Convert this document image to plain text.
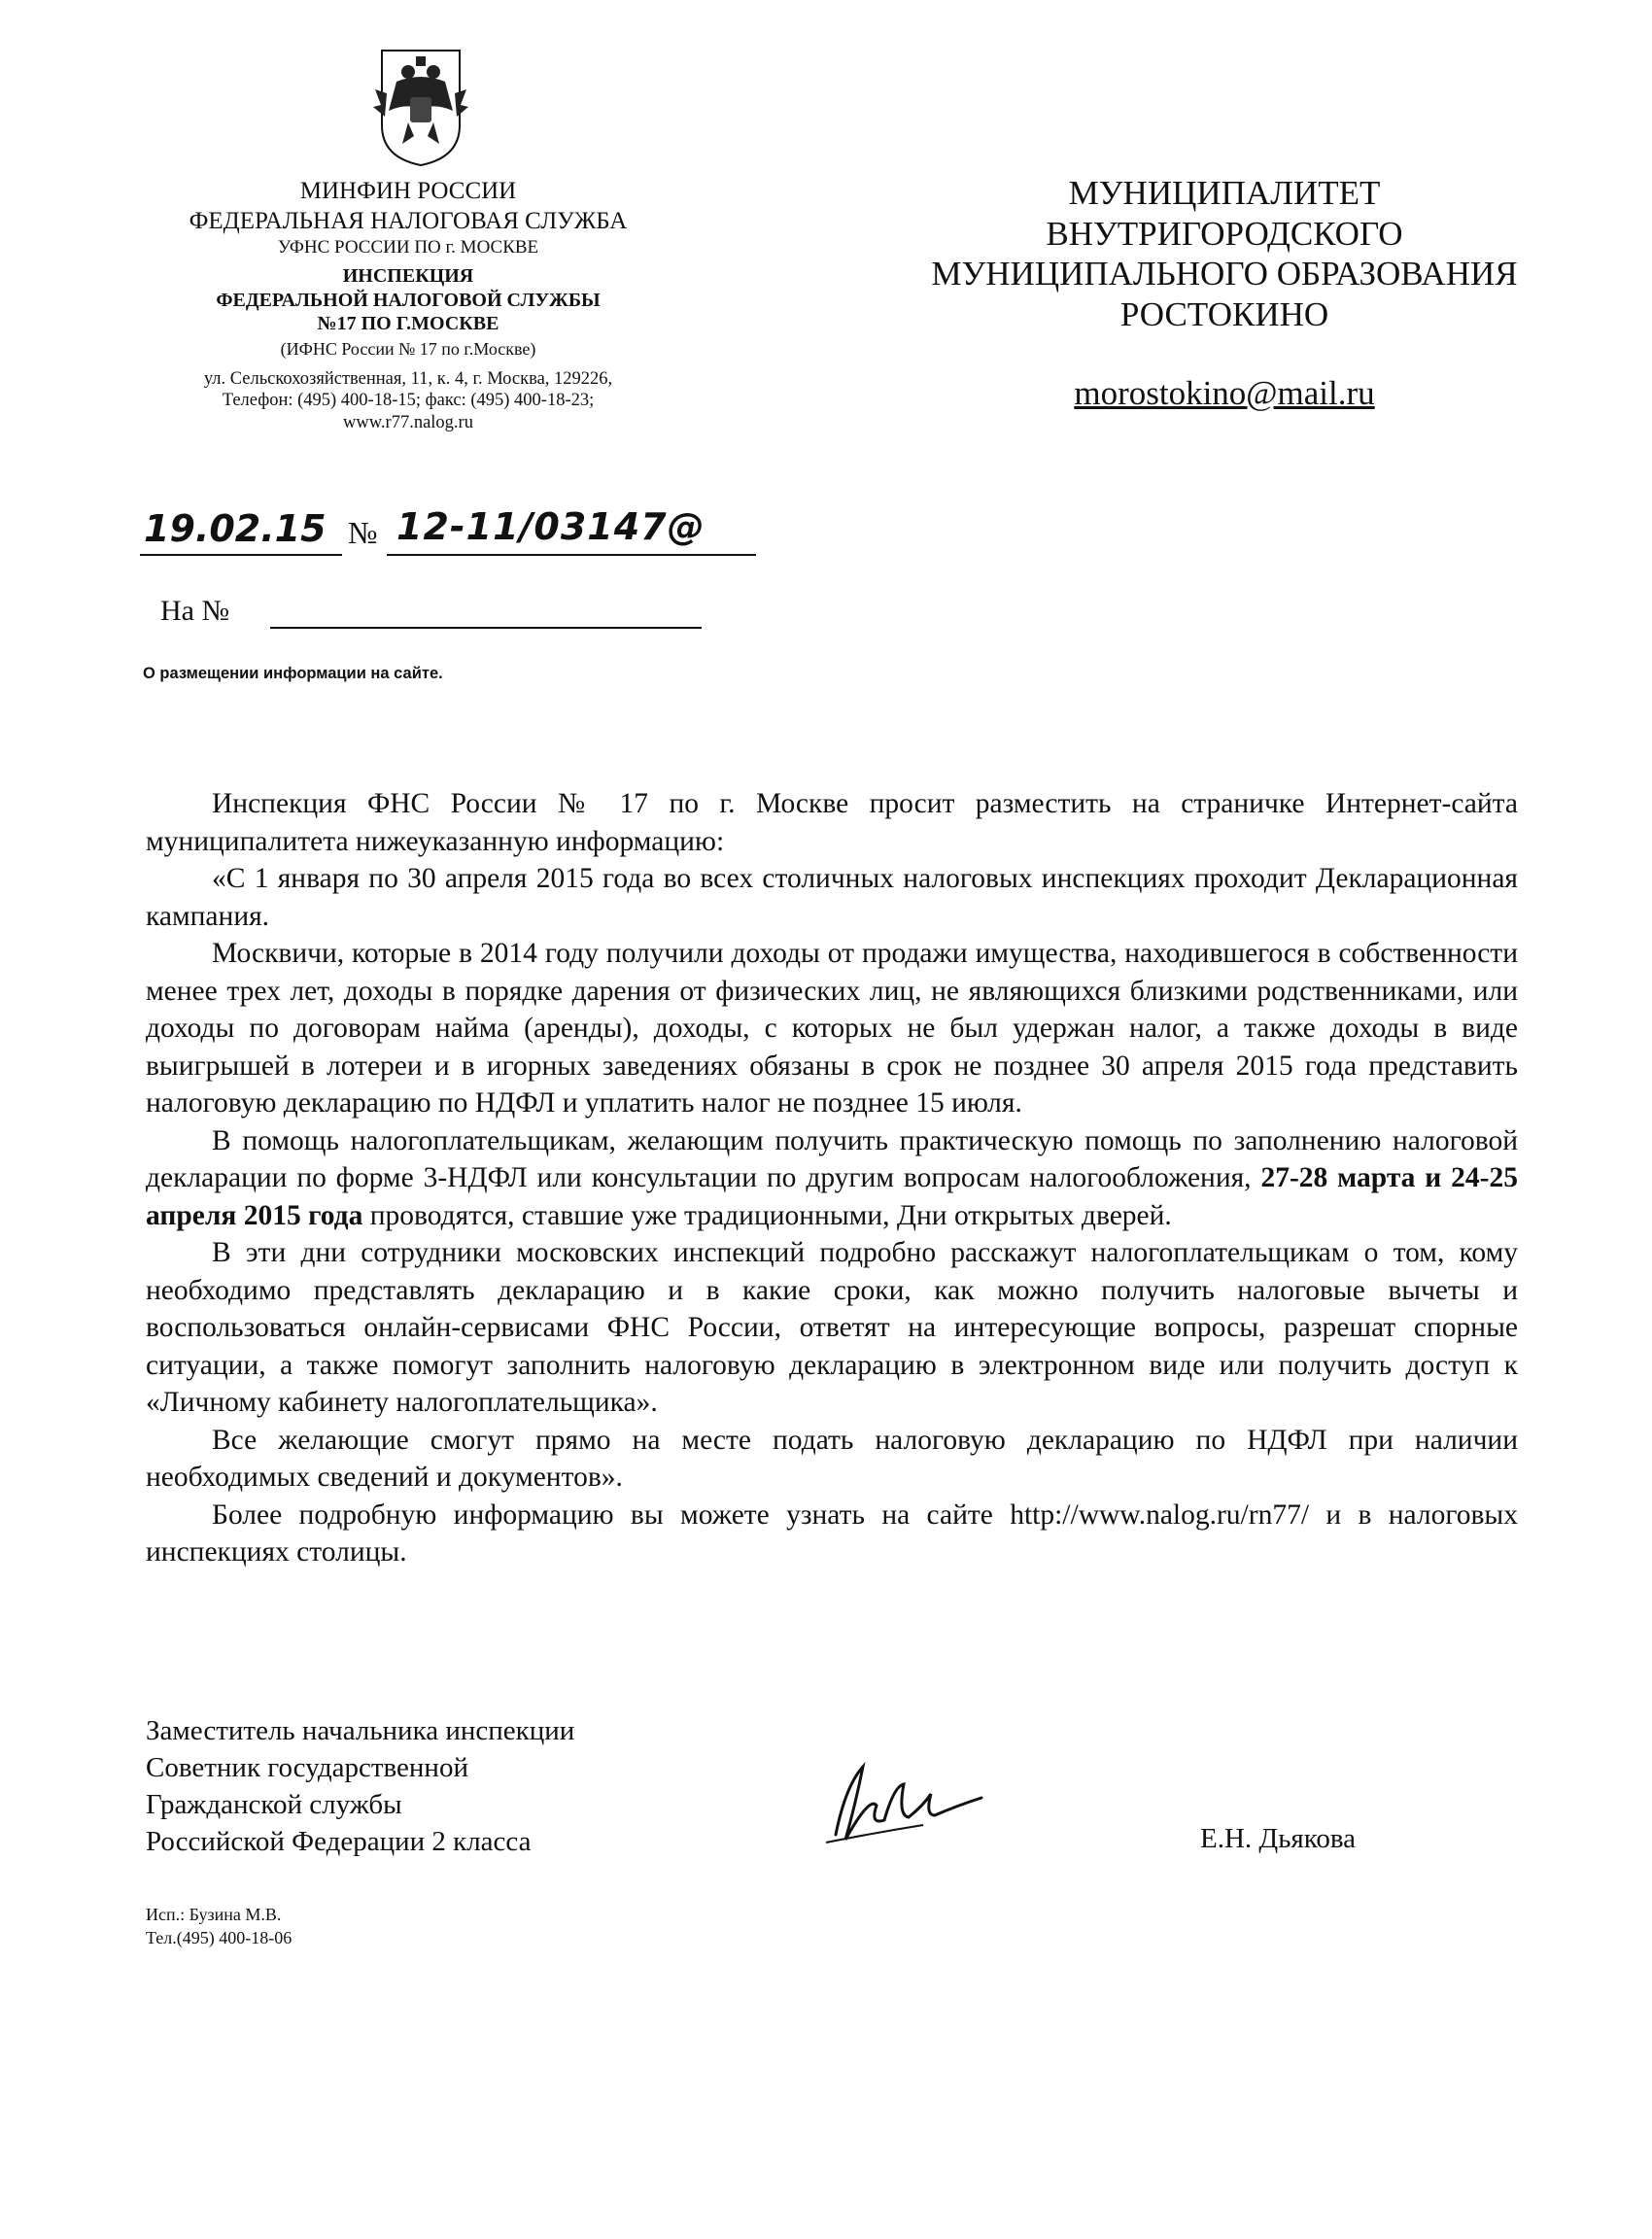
МИНФИН РОССИИ
ФЕДЕРАЛЬНАЯ НАЛОГОВАЯ СЛУЖБА
УФНС РОССИИ ПО г. МОСКВЕ
ИНСПЕКЦИЯ
ФЕДЕРАЛЬНОЙ НАЛОГОВОЙ СЛУЖБЫ
№17 ПО Г.МОСКВЕ
(ИФНС России № 17 по г.Москве)
ул. Сельскохозяйственная, 11, к. 4, г. Москва, 129226,
Телефон: (495) 400-18-15; факс: (495) 400-18-23;
www.r77.nalog.ru
МУНИЦИПАЛИТЕТ
ВНУТРИГОРОДСКОГО
МУНИЦИПАЛЬНОГО ОБРАЗОВАНИЯ
РОСТОКИНО
morostokino@mail.ru
19.02.15 № 12-11/03147@
На №
О размещении информации на сайте.

Инспекция ФНС России № 17 по г. Москве просит разместить на страничке Интернет-сайта муниципалитета нижеуказанную информацию:

«С 1 января по 30 апреля 2015 года во всех столичных налоговых инспекциях проходит Декларационная кампания.

Москвичи, которые в 2014 году получили доходы от продажи имущества, находившегося в собственности менее трех лет, доходы в порядке дарения от физических лиц, не являющихся близкими родственниками, или доходы по договорам найма (аренды), доходы, с которых не был удержан налог, а также доходы в виде выигрышей в лотереи и в игорных заведениях обязаны в срок не позднее 30 апреля 2015 года представить налоговую декларацию по НДФЛ и уплатить налог не позднее 15 июля.

В помощь налогоплательщикам, желающим получить практическую помощь по заполнению налоговой декларации по форме 3-НДФЛ или консультации по другим вопросам налогообложения, 27-28 марта и 24-25 апреля 2015 года проводятся, ставшие уже традиционными, Дни открытых дверей.

В эти дни сотрудники московских инспекций подробно расскажут налогоплательщикам о том, кому необходимо представлять декларацию и в какие сроки, как можно получить налоговые вычеты и воспользоваться онлайн-сервисами ФНС России, ответят на интересующие вопросы, разрешат спорные ситуации, а также помогут заполнить налоговую декларацию в электронном виде или получить доступ к «Личному кабинету налогоплательщика».

Все желающие смогут прямо на месте подать налоговую декларацию по НДФЛ при наличии необходимых сведений и документов».

Более подробную информацию вы можете узнать на сайте http://www.nalog.ru/rn77/ и в налоговых инспекциях столицы.

Заместитель начальника инспекции
Советник государственной
Гражданской службы
Российской Федерации 2 класса	Е.Н. Дьякова
Исп.: Бузина М.В.
Тел.(495) 400-18-06
